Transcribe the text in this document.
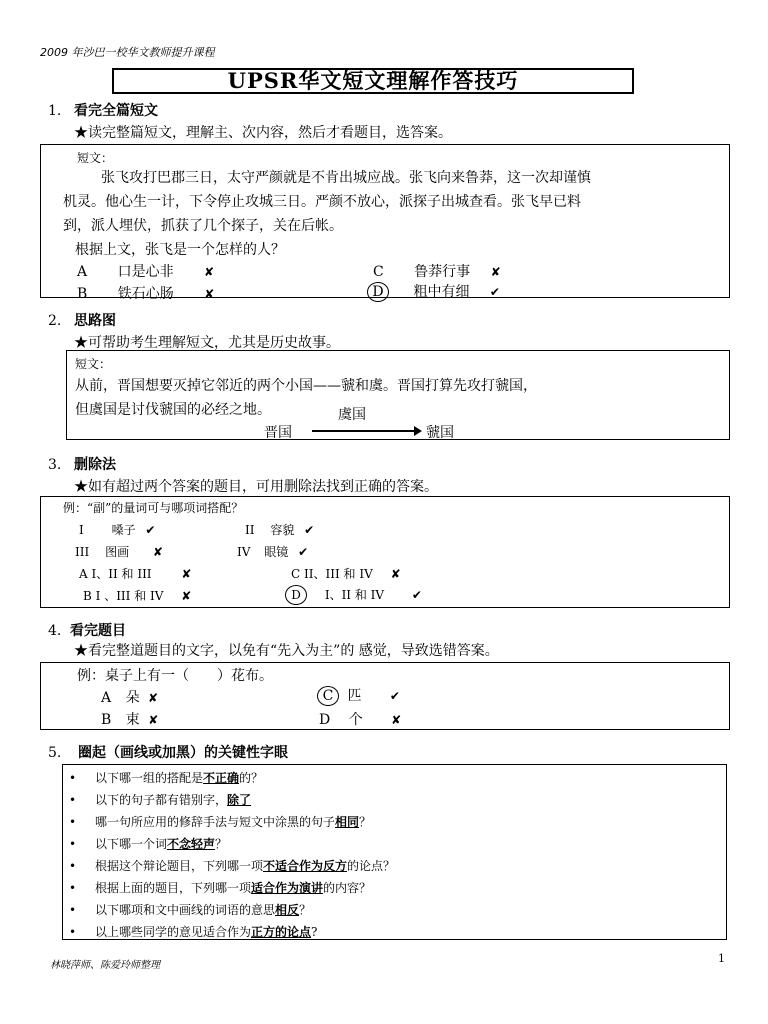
2009 年沙巴一校华文教师提升课程
UPSR华文短文理解作答技巧
1. 看完全篇短文
★读完整篇短文，理解主、次内容，然后才看题目，选答案。
短文：
张飞攻打巴郡三日，太守严颜就是不肯出城应战。张飞向来鲁莽，这一次却谨慎
机灵。他心生一计，下令停止攻城三日。严颜不放心，派探子出城查看。张飞早已料
到，派人埋伏，抓获了几个探子，关在后帐。
根据上文，张飞是一个怎样的人？
A 口是心非	✘
B 铁石心肠	✘
C 鲁莽行事 ✘
D 粗中有细 ✔
2. 思路图
★可帮助考生理解短文，尤其是历史故事。
短文：
从前，晋国想要灭掉它邻近的两个小国——虢和虞。晋国打算先攻打虢国，
但虞国是讨伐虢国的必经之地。	虞国
晋国	虢国
3. 删除法
★如有超过两个答案的题目，可用删除法找到正确的答案。
例：“副”的量词可与哪项词搭配？
I 嗓子 ✔	II 容貌 ✔
III 图画 ✘	IV 眼镜 ✔
A I、II 和 III ✘	C II、III 和 IV ✘
B I 、III 和 IV ✘	D I、II 和 IV ✔
4. 看完题目
★看完整道题目的文字，以免有“先入为主”的 感觉，导致选错答案。
例：桌子上有一（　　）花布。
A 朵 ✘
B 束 ✘
C 匹 ✔
D 个 ✘
5. 圈起（画线或加黑）的关键性字眼
• 以下哪一组的搭配是不正确的？
• 以下的句子都有错别字，除了
• 哪一句所应用的修辞手法与短文中涂黑的句子相同？
• 以下哪一个词不念轻声？
• 根据这个辩论题目，下列哪一项不适合作为反方的论点？
• 根据上面的题目，下列哪一项适合作为演讲的内容？
• 以下哪项和文中画线的词语的意思相反？
• 以上哪些同学的意见适合作为正方的论点?
林晓萍师、陈爱玲师整理
1
